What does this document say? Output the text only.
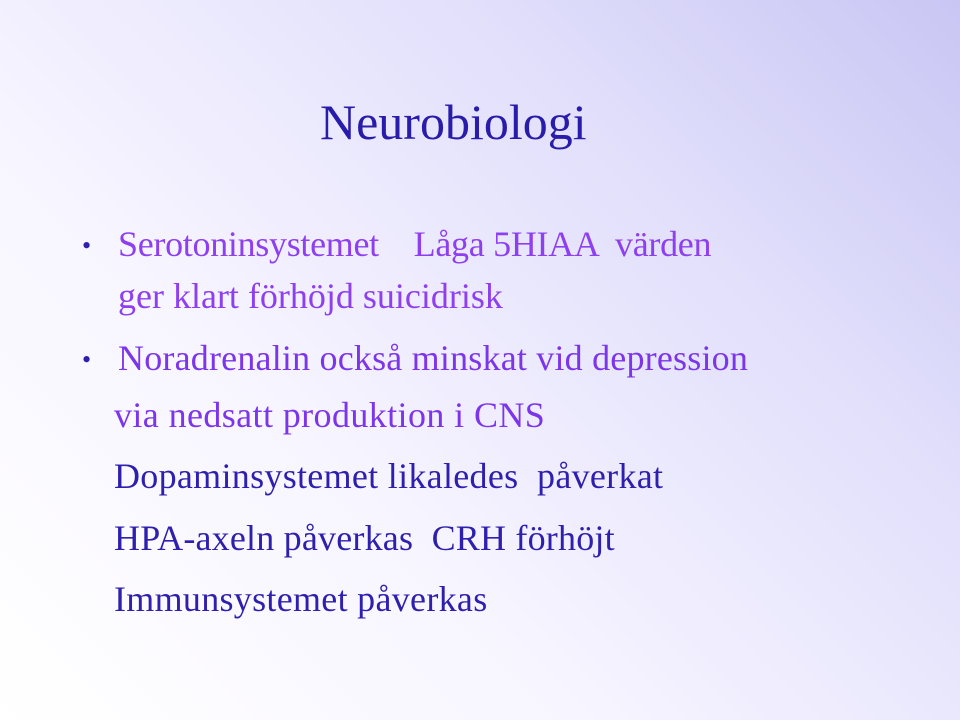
Neurobiologi
• Serotoninsystemet    Låga 5HIAA  värden
ger klart förhöjd suicidrisk
• Noradrenalin också minskat vid depression
via nedsatt produktion i CNS
Dopaminsystemet likaledes  påverkat
HPA-axeln påverkas  CRH förhöjt
Immunsystemet påverkas
